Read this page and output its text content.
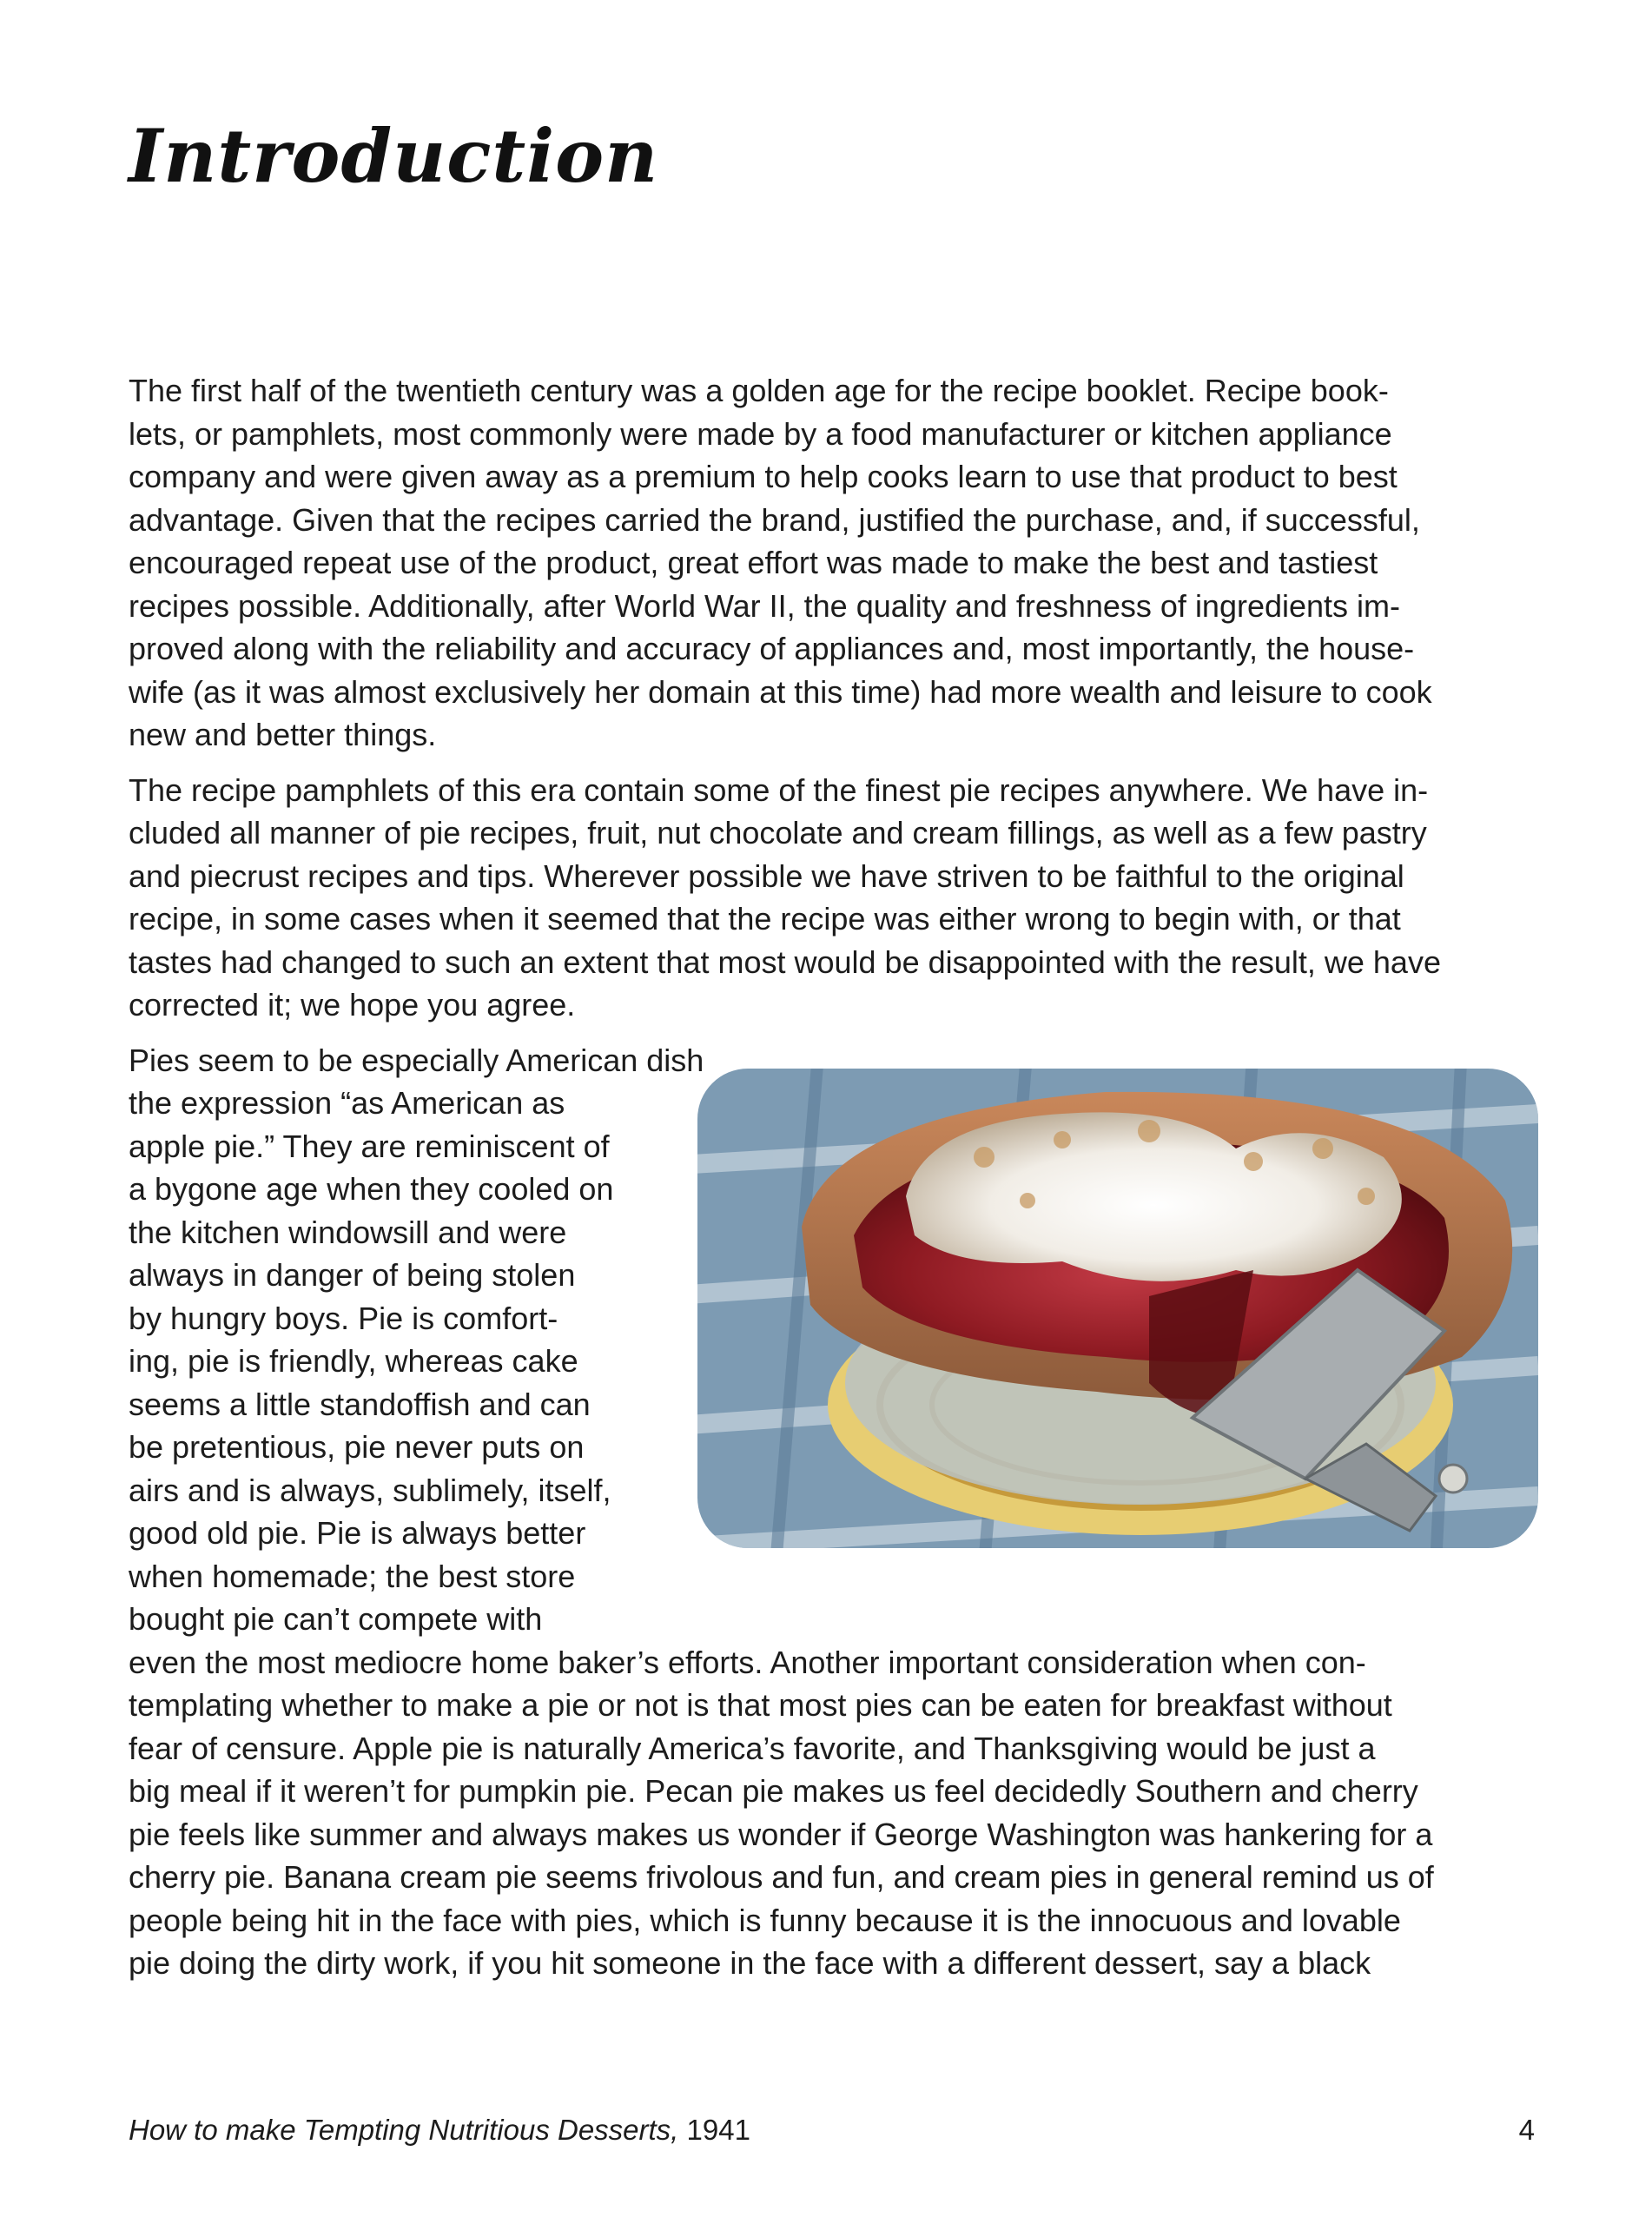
Introduction

The first half of the twentieth century was a golden age for the recipe booklet. Recipe book-
lets, or pamphlets, most commonly were made by a food manufacturer or kitchen appliance
company and were given away as a premium to help cooks learn to use that product to best
advantage. Given that the recipes carried the brand, justified the purchase, and, if successful,
encouraged repeat use of the product, great effort was made to make the best and tastiest
recipes possible. Additionally, after World War II, the quality and freshness of ingredients im-
proved along with the reliability and accuracy of appliances and, most importantly, the house-
wife (as it was almost exclusively her domain at this time) had more wealth and leisure to cook
new and better things.

The recipe pamphlets of this era contain some of the finest pie recipes anywhere. We have in-
cluded all manner of pie recipes, fruit, nut chocolate and cream fillings, as well as a few pastry
and piecrust recipes and tips. Wherever possible we have striven to be faithful to the original
recipe, in some cases when it seemed that the recipe was either wrong to begin with, or that
tastes had changed to such an extent that most would be disappointed with the result, we have
corrected it; we hope you agree.

Pies seem to be especially American dish
the expression “as American as
apple pie.” They are reminiscent of
a bygone age when they cooled on
the kitchen windowsill and were
always in danger of being stolen
by hungry boys. Pie is comfort-
ing, pie is friendly, whereas cake
seems a little standoffish and can
be pretentious, pie never puts on
airs and is always, sublimely, itself,
good old pie. Pie is always better
when homemade; the best store
bought pie can’t compete with
even the most mediocre home baker’s efforts. Another important consideration when con-
templating whether to make a pie or not is that most pies can be eaten for breakfast without
fear of censure. Apple pie is naturally America’s favorite, and Thanksgiving would be just a
big meal if it weren’t for pumpkin pie. Pecan pie makes us feel decidedly Southern and cherry
pie feels like summer and always makes us wonder if George Washington was hankering for a
cherry pie. Banana cream pie seems frivolous and fun, and cream pies in general remind us of
people being hit in the face with pies, which is funny because it is the innocuous and lovable
pie doing the dirty work, if you hit someone in the face with a different dessert, say a black

How to make Tempting Nutritious Desserts, 1941	4
